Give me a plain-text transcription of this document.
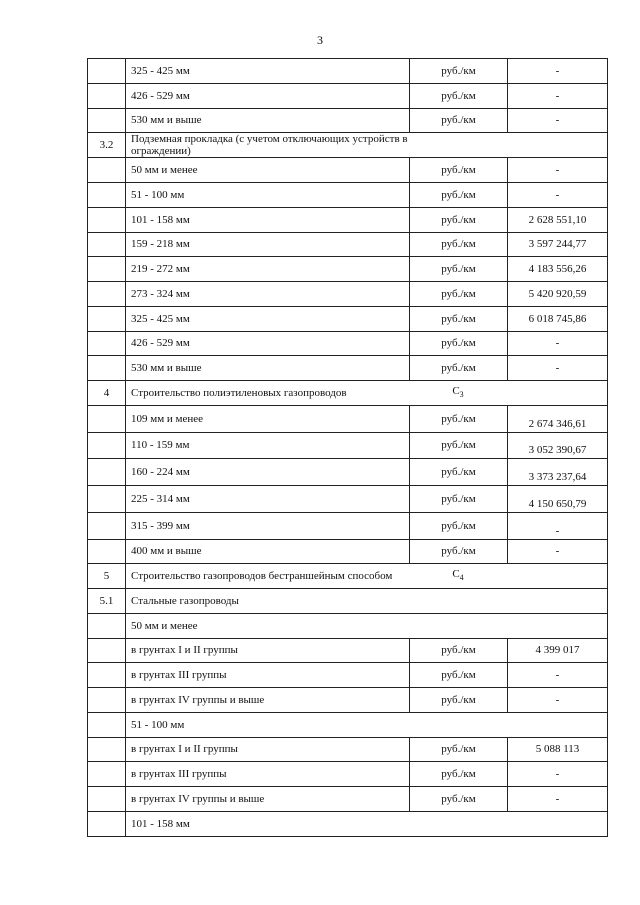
3
	325 - 425 мм	руб./км	-
	426 - 529 мм	руб./км	-
	530 мм и выше	руб./км	-
3.2	Подземная прокладка (с учетом отключающих устройств в ограждении)		

	50 мм и менее	руб./км	-
	51 - 100 мм	руб./км	-
	101 - 158 мм	руб./км	2 628 551,10
	159 - 218 мм	руб./км	3 597 244,77
	219 - 272 мм	руб./км	4 183 556,26
	273 - 324 мм	руб./км	5 420 920,59
	325 - 425 мм	руб./км	6 018 745,86
	426 - 529 мм	руб./км	-
	530 мм и выше	руб./км	-
4	Строительство полиэтиленовых газопроводов $C_3$

	109 мм и менее	руб./км	2 674 346,61
	110 - 159 мм	руб./км	3 052 390,67
	160 - 224 мм	руб./км	3 373 237,64
	225 - 314 мм	руб./км	4 150 650,79
	315 - 399 мм	руб./км	-
	400 мм и выше	руб./км	-
5	Строительство газопроводов бестраншейным способом $C_4$

5.1	Стальные газопроводы		

	50 мм и менее		

	в грунтах I и II группы	руб./км	4 399 017
	в грунтах III группы	руб./км	-
	в грунтах IV группы и выше	руб./км	-

	51 - 100 мм		

	в грунтах I и II группы	руб./км	5 088 113
	в грунтах III группы	руб./км	-
	в грунтах IV группы и выше	руб./км	-

	101 - 158 мм		
